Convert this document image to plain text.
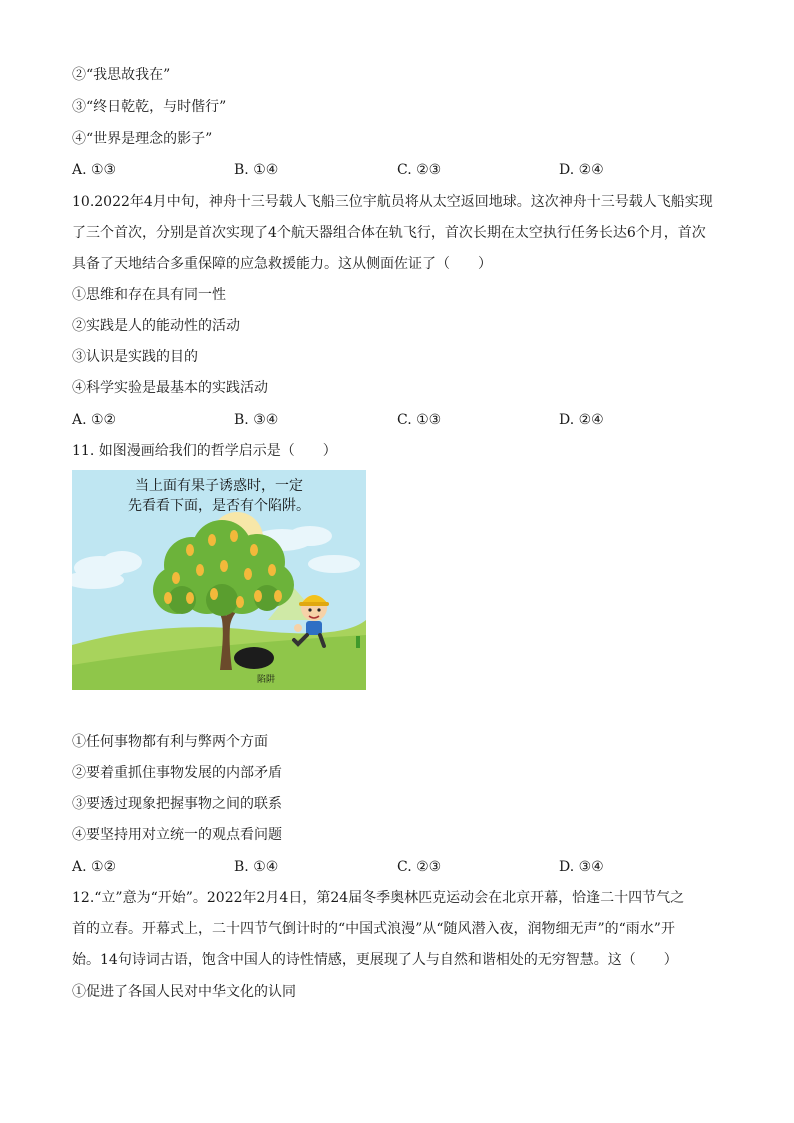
②“我思故我在”
③“终日乾乾，与时偕行”
④“世界是理念的影子”
A. ①③	B. ①④	C. ②③	D. ②④
10.2022年4月中旬，神舟十三号载人飞船三位宇航员将从太空返回地球。这次神舟十三号载人飞船实现
了三个首次，分别是首次实现了4个航天器组合体在轨飞行，首次长期在太空执行任务长达6个月，首次
具备了天地结合多重保障的应急救援能力。这从侧面佐证了（　　）
①思维和存在具有同一性
②实践是人的能动性的活动
③认识是实践的目的
④科学实验是最基本的实践活动
A. ①②	B. ③④	C. ①③	D. ②④
11. 如图漫画给我们的哲学启示是（　　）
当上面有果子诱惑时，一定
先看看下面，是否有个陷阱。
陷阱
①任何事物都有利与弊两个方面
②要着重抓住事物发展的内部矛盾
③要透过现象把握事物之间的联系
④要坚持用对立统一的观点看问题
A. ①②	B. ①④	C. ②③	D. ③④
12.“立”意为“开始”。2022年2月4日，第24届冬季奥林匹克运动会在北京开幕，恰逢二十四节气之
首的立春。开幕式上，二十四节气倒计时的“中国式浪漫”从“随风潜入夜，润物细无声”的“雨水”开
始。14句诗词古语，饱含中国人的诗性情感，更展现了人与自然和谐相处的无穷智慧。这（　　）
①促进了各国人民对中华文化的认同
